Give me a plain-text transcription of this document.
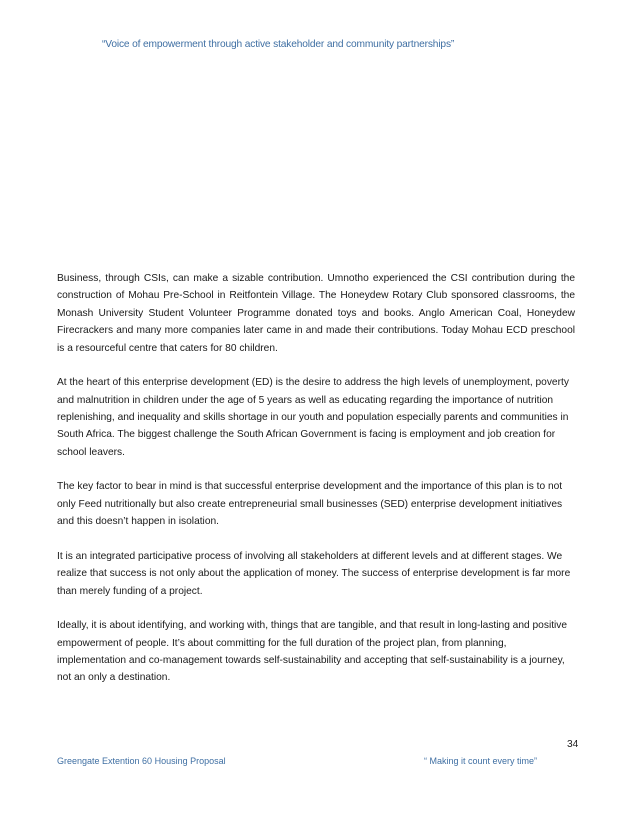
“Voice of empowerment through active stakeholder and community partnerships”

Business, through CSIs, can make a sizable contribution. Umnotho experienced the CSI contribution during the construction of Mohau Pre-School in Reitfontein Village. The Honeydew Rotary Club sponsored classrooms, the Monash University Student Volunteer Programme donated toys and books. Anglo American Coal, Honeydew Firecrackers and many more companies later came in and made their contributions. Today Mohau ECD preschool is a resourceful centre that caters for 80 children.

At the heart of this enterprise development (ED) is the desire to address the high levels of unemployment, poverty and malnutrition in children under the age of 5 years as well as educating regarding the importance of nutrition replenishing, and inequality and skills shortage in our youth and population especially parents and communities in South Africa. The biggest challenge the South African Government is facing is employment and job creation for school leavers.

The key factor to bear in mind is that successful enterprise development and the importance of this plan is to not only Feed nutritionally but also create entrepreneurial small businesses (SED) enterprise development initiatives and this doesn’t happen in isolation.

It is an integrated participative process of involving all stakeholders at different levels and at different stages. We realize that success is not only about the application of money. The success of enterprise development is far more than merely funding of a project.

Ideally, it is about identifying, and working with, things that are tangible, and that result in long-lasting and positive empowerment of people. It’s about committing for the full duration of the project plan, from planning, implementation and co-management towards self-sustainability and accepting that self-sustainability is a journey, not an only a destination.

34
Greengate Extention 60 Housing Proposal	“ Making it count every time”
